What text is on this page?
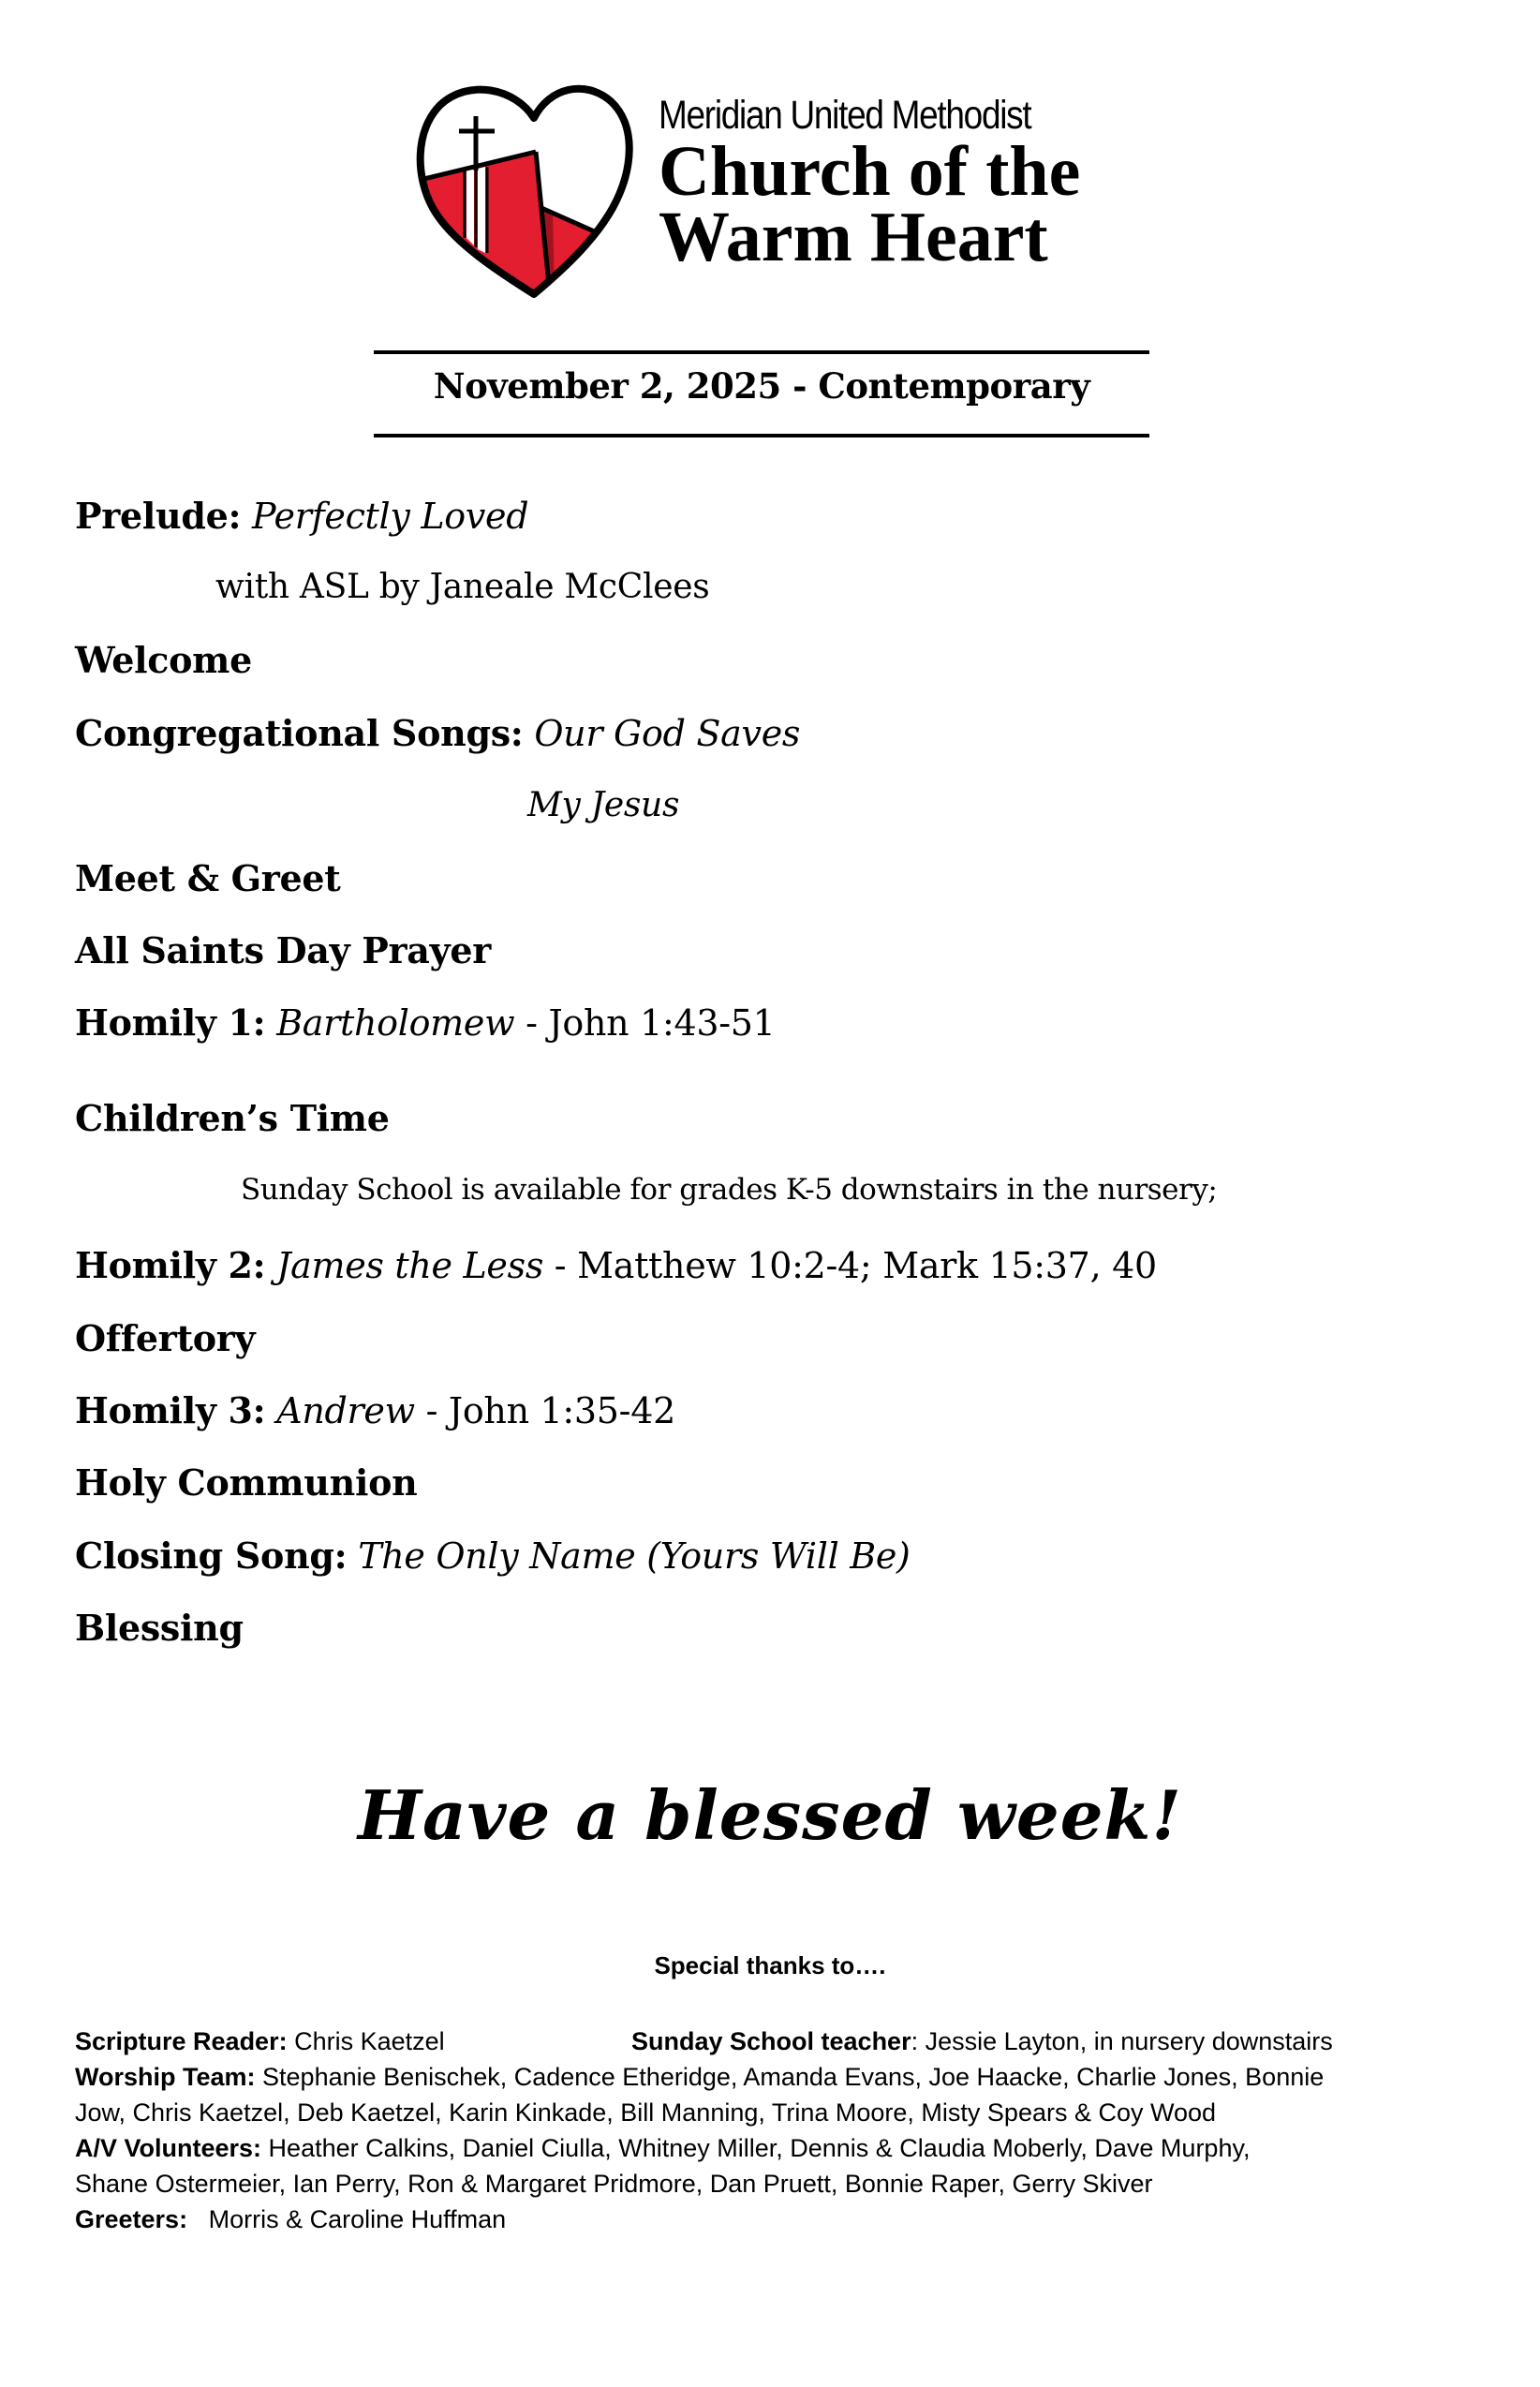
Meridian United Methodist
Church of the
Warm Heart
November 2, 2025 - Contemporary
Prelude: Perfectly Loved
with ASL by Janeale McClees
Welcome
Congregational Songs: Our God Saves
My Jesus
Meet & Greet
All Saints Day Prayer
Homily 1: Bartholomew - John 1:43-51
Children’s Time
Sunday School is available for grades K-5 downstairs in the nursery;
Homily 2: James the Less - Matthew 10:2-4; Mark 15:37, 40
Offertory
Homily 3: Andrew - John 1:35-42
Holy Communion
Closing Song: The Only Name (Yours Will Be)
Blessing
Have a blessed week!
Special thanks to….
Scripture Reader: Chris Kaetzel	Sunday School teacher: Jessie Layton, in nursery downstairs
Worship Team: Stephanie Benischek, Cadence Etheridge, Amanda Evans, Joe Haacke, Charlie Jones, Bonnie
Jow, Chris Kaetzel, Deb Kaetzel, Karin Kinkade, Bill Manning, Trina Moore, Misty Spears & Coy Wood
A/V Volunteers: Heather Calkins, Daniel Ciulla, Whitney Miller, Dennis & Claudia Moberly, Dave Murphy,
Shane Ostermeier, Ian Perry, Ron & Margaret Pridmore, Dan Pruett, Bonnie Raper, Gerry Skiver
Greeters:   Morris & Caroline Huffman
